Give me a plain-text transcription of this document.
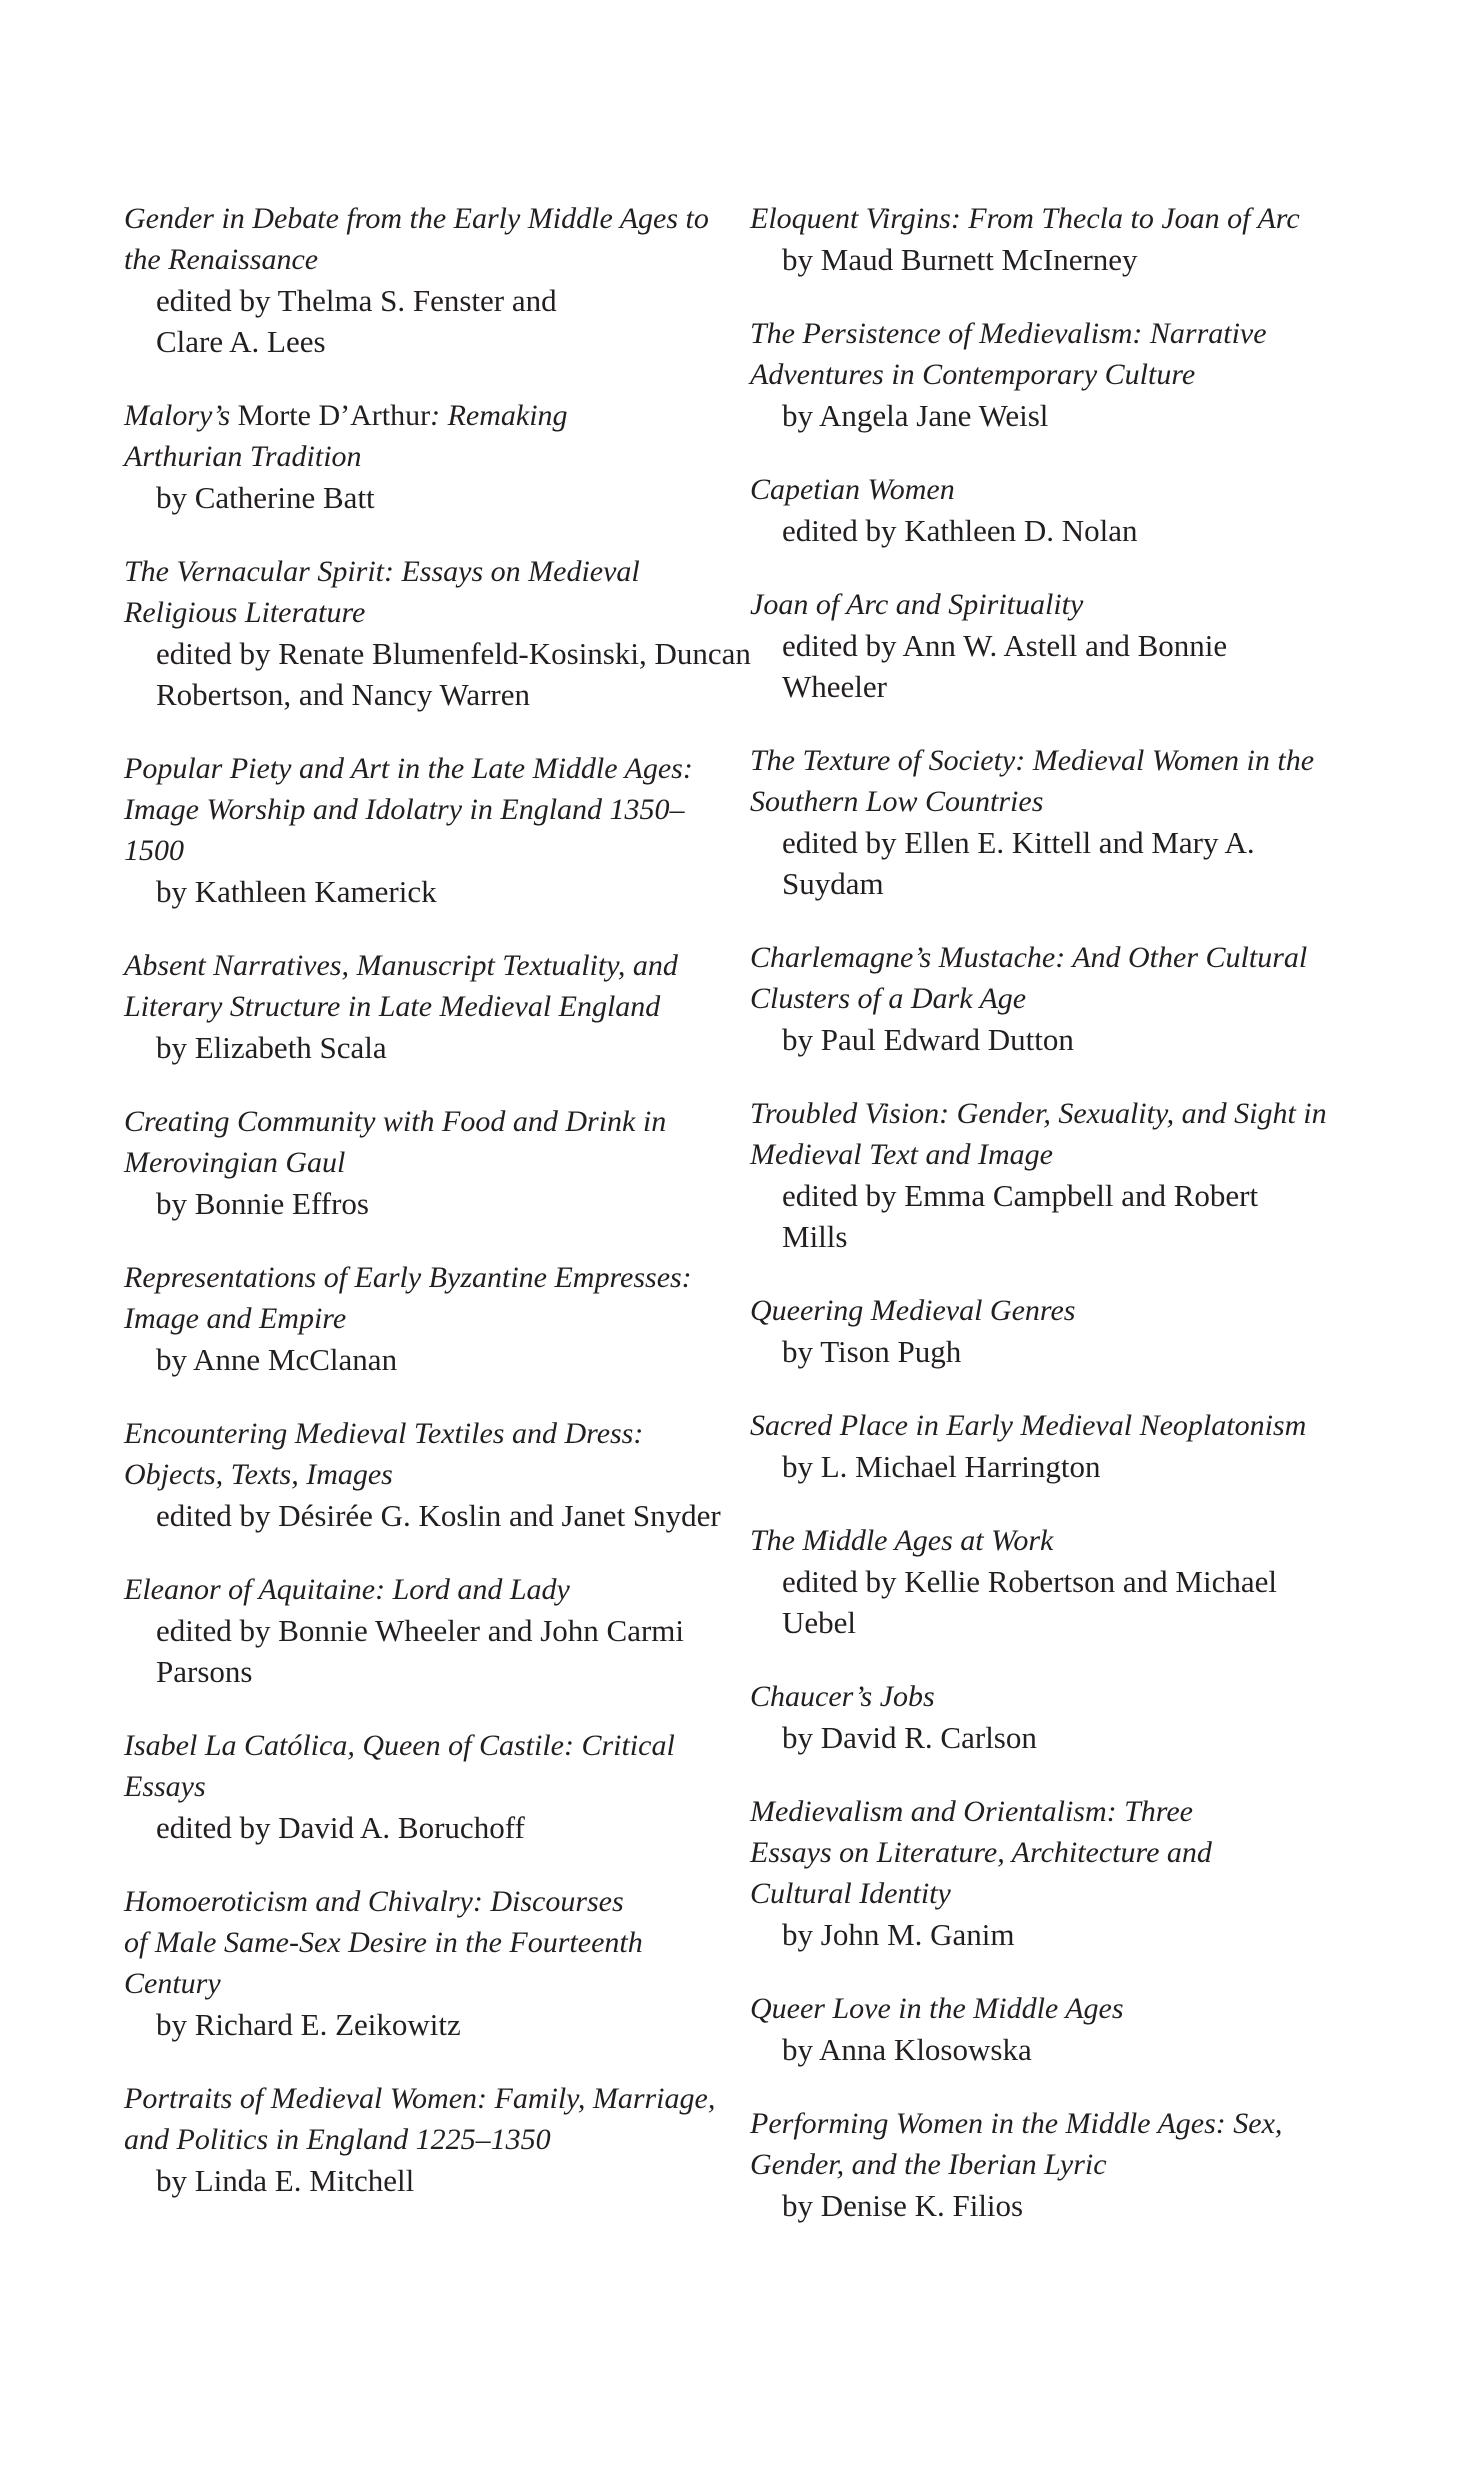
Gender in Debate from the Early Middle Ages to the Renaissance
edited by Thelma S. Fenster and Clare A. Lees
Malory’s Morte D’Arthur: Remaking Arthurian Tradition
by Catherine Batt
The Vernacular Spirit: Essays on Medieval Religious Literature
edited by Renate Blumenfeld-Kosinski, Duncan Robertson, and Nancy Warren
Popular Piety and Art in the Late Middle Ages: Image Worship and Idolatry in England 1350–1500
by Kathleen Kamerick
Absent Narratives, Manuscript Textuality, and Literary Structure in Late Medieval England
by Elizabeth Scala
Creating Community with Food and Drink in Merovingian Gaul
by Bonnie Effros
Representations of Early Byzantine Empresses: Image and Empire
by Anne McClanan
Encountering Medieval Textiles and Dress: Objects, Texts, Images
edited by Désirée G. Koslin and Janet Snyder
Eleanor of Aquitaine: Lord and Lady
edited by Bonnie Wheeler and John Carmi Parsons
Isabel La Católica, Queen of Castile: Critical Essays
edited by David A. Boruchoff
Homoeroticism and Chivalry: Discourses of Male Same-Sex Desire in the Fourteenth Century
by Richard E. Zeikowitz
Portraits of Medieval Women: Family, Marriage, and Politics in England 1225–1350
by Linda E. Mitchell
Eloquent Virgins: From Thecla to Joan of Arc
by Maud Burnett McInerney
The Persistence of Medievalism: Narrative Adventures in Contemporary Culture
by Angela Jane Weisl
Capetian Women
edited by Kathleen D. Nolan
Joan of Arc and Spirituality
edited by Ann W. Astell and Bonnie Wheeler
The Texture of Society: Medieval Women in the Southern Low Countries
edited by Ellen E. Kittell and Mary A. Suydam
Charlemagne’s Mustache: And Other Cultural Clusters of a Dark Age
by Paul Edward Dutton
Troubled Vision: Gender, Sexuality, and Sight in Medieval Text and Image
edited by Emma Campbell and Robert Mills
Queering Medieval Genres
by Tison Pugh
Sacred Place in Early Medieval Neoplatonism
by L. Michael Harrington
The Middle Ages at Work
edited by Kellie Robertson and Michael Uebel
Chaucer’s Jobs
by David R. Carlson
Medievalism and Orientalism: Three Essays on Literature, Architecture and Cultural Identity
by John M. Ganim
Queer Love in the Middle Ages
by Anna Klosowska
Performing Women in the Middle Ages: Sex, Gender, and the Iberian Lyric
by Denise K. Filios
